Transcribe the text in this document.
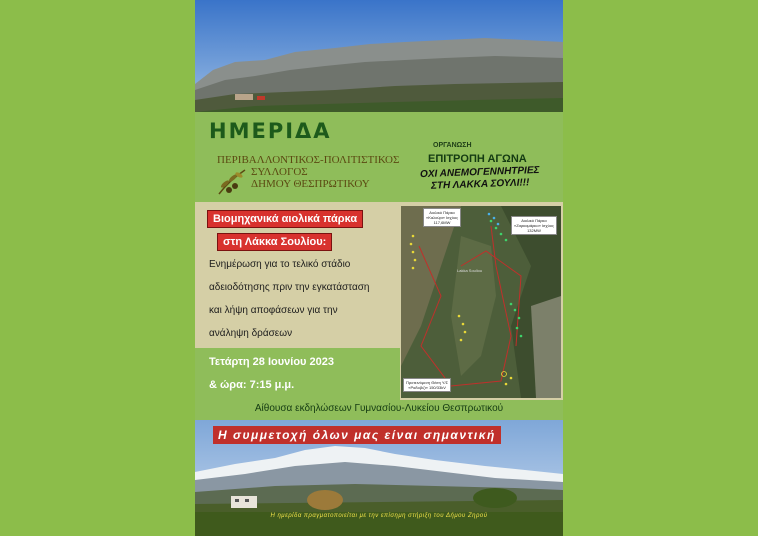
ΗΜΕΡΙΔΑ
ΟΡΓΑΝΩΣΗ
ΠΕΡΙΒΑΛΛΟΝΤΙΚΟΣ-ΠΟΛΙΤΙΣΤΙΚΟΣ
ΣΥΛΛΟΓΟΣ
ΔΗΜΟΥ ΘΕΣΠΡΩΤΙΚΟΥ
ΕΠΙΤΡΟΠΗ ΑΓΩΝΑ
ΟΧΙ ΑΝΕΜΟΓΕΝΝΗΤΡΙΕΣ
ΣΤΗ ΛΑΚΚΑ ΣΟΥΛΙ!!!
Βιομηχανικά αιολικά πάρκα
στη Λάκκα Σουλίου:
Ενημέρωση για το τελικό στάδιο
αδειοδότησης πριν την εγκατάσταση
και λήψη αποφάσεων για την
ανάληψη δράσεων
Τετάρτη 28 Ιουνίου 2023
& ώρα: 7:15 μ.μ.
Αιολικό Πάρκο
«Καλούρι» Ισχύος
117,6MW	Αιολικό Πάρκο
«Ζαρκαμάρκο» Ισχύος
132MW
Προτεινόμενη Θέση Υ/Σ
«Ραδοβιζι» 150/33kV
Lakka Souliou
Αίθουσα εκδηλώσεων Γυμνασίου-Λυκείου Θεσπρωτικού
Η συμμετοχή όλων μας είναι σημαντική
Η ημερίδα πραγματοποιείται με την επίσημη στήριξη του Δήμου Ζηρού
